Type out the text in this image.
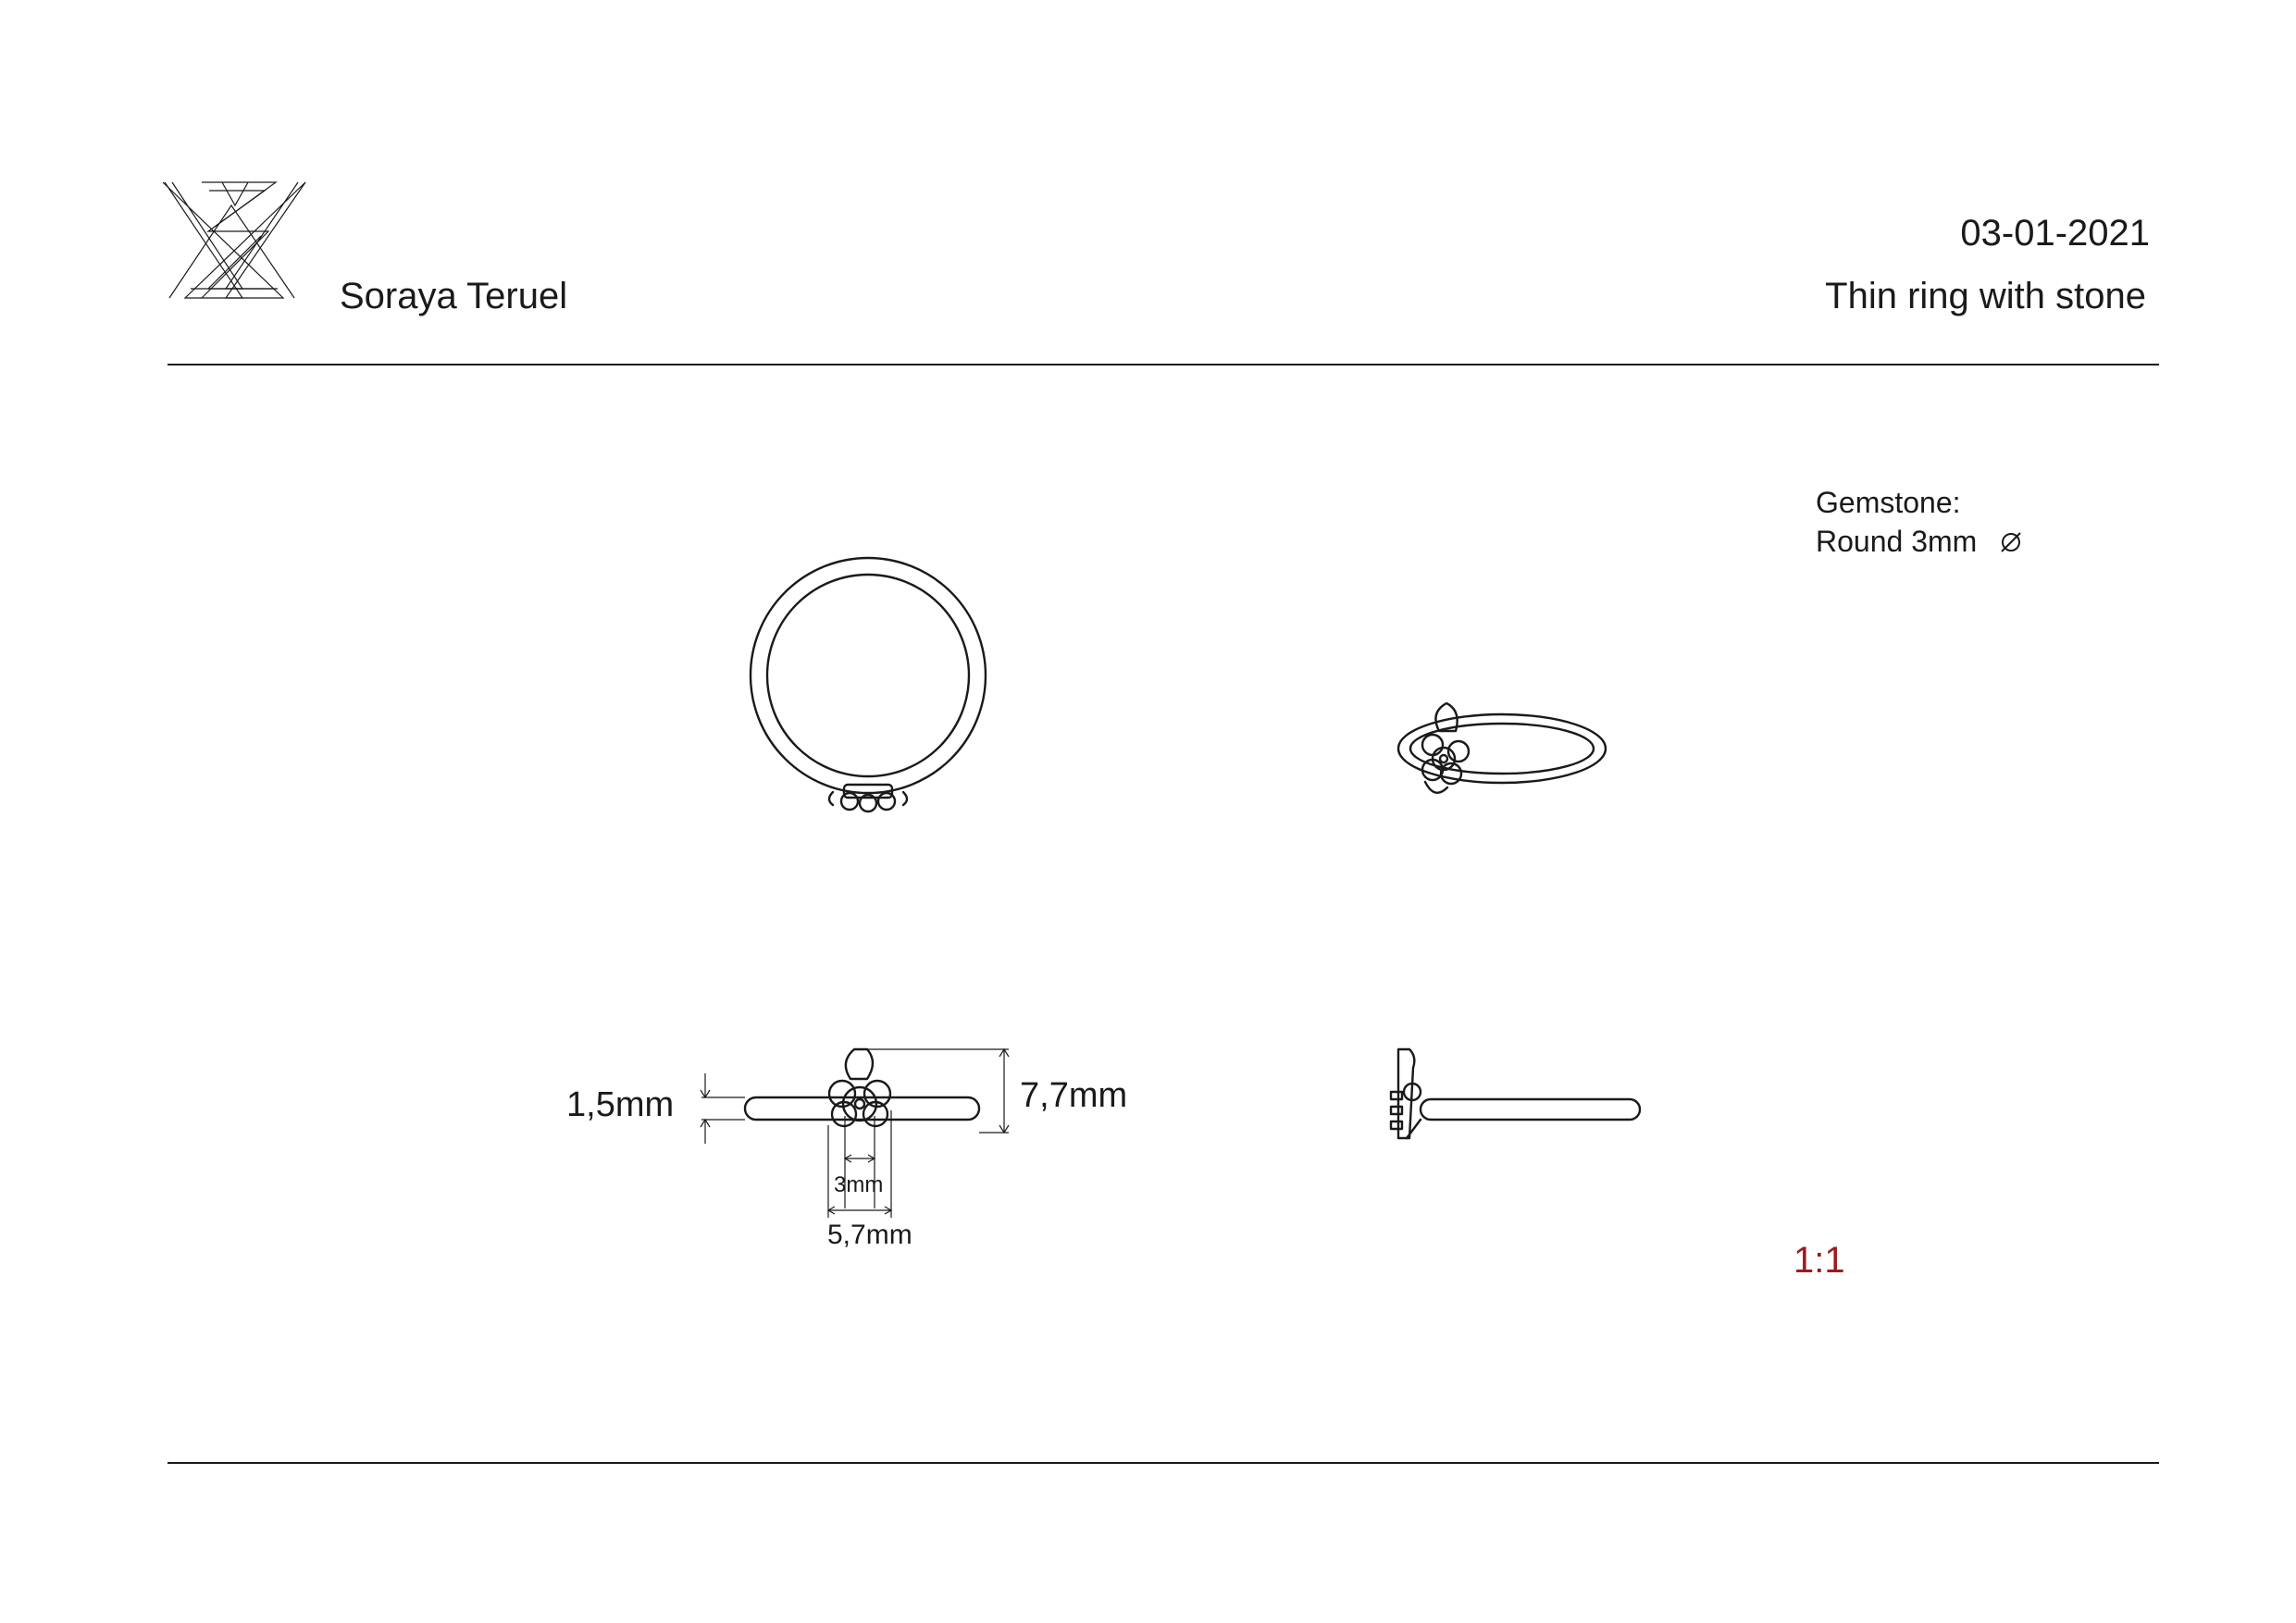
Soraya Teruel
03-01-2021
Thin ring with stone
Gemstone:
Round 3mm
1,5mm	7,7mm
3mm
5,7mm
1:1
